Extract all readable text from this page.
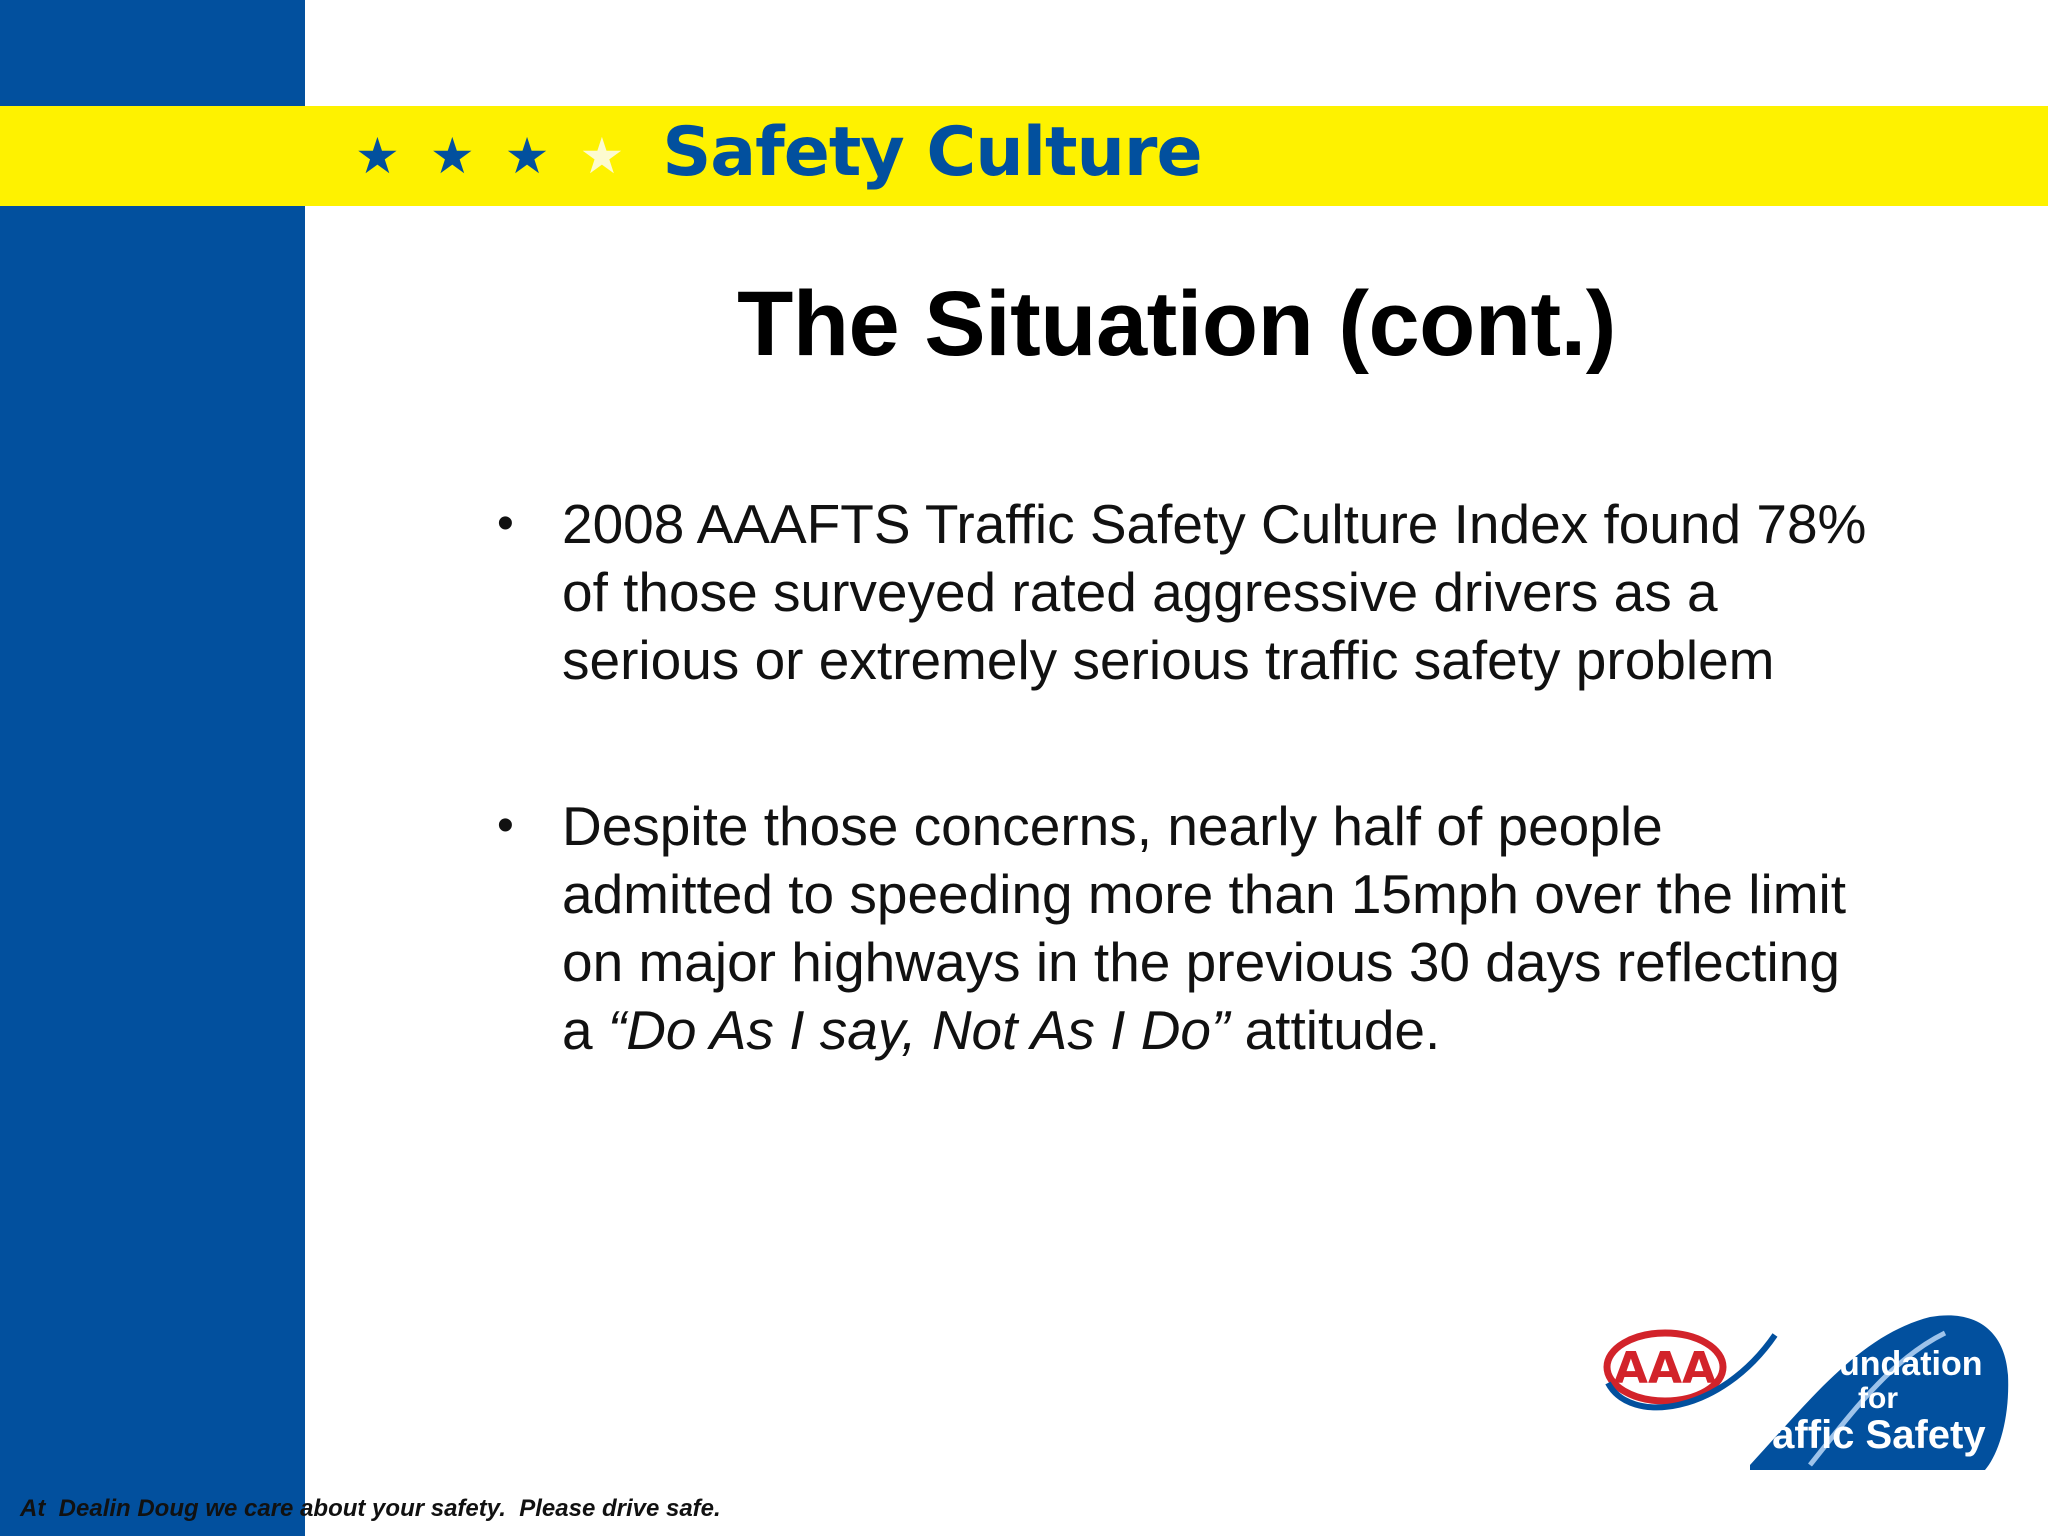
★ ★ ★ ★ Safety Culture
The Situation (cont.)
• 2008 AAAFTS Traffic Safety Culture Index found 78% of those surveyed rated aggressive drivers as a serious or extremely serious traffic safety problem
• Despite those concerns, nearly half of people admitted to speeding more than 15mph over the limit on major highways in the previous 30 days reflecting a “Do As I say, Not As I Do” attitude.
AAA Foundation
for
Traffic Safety
At  Dealin Doug we care about your safety.  Please drive safe.
